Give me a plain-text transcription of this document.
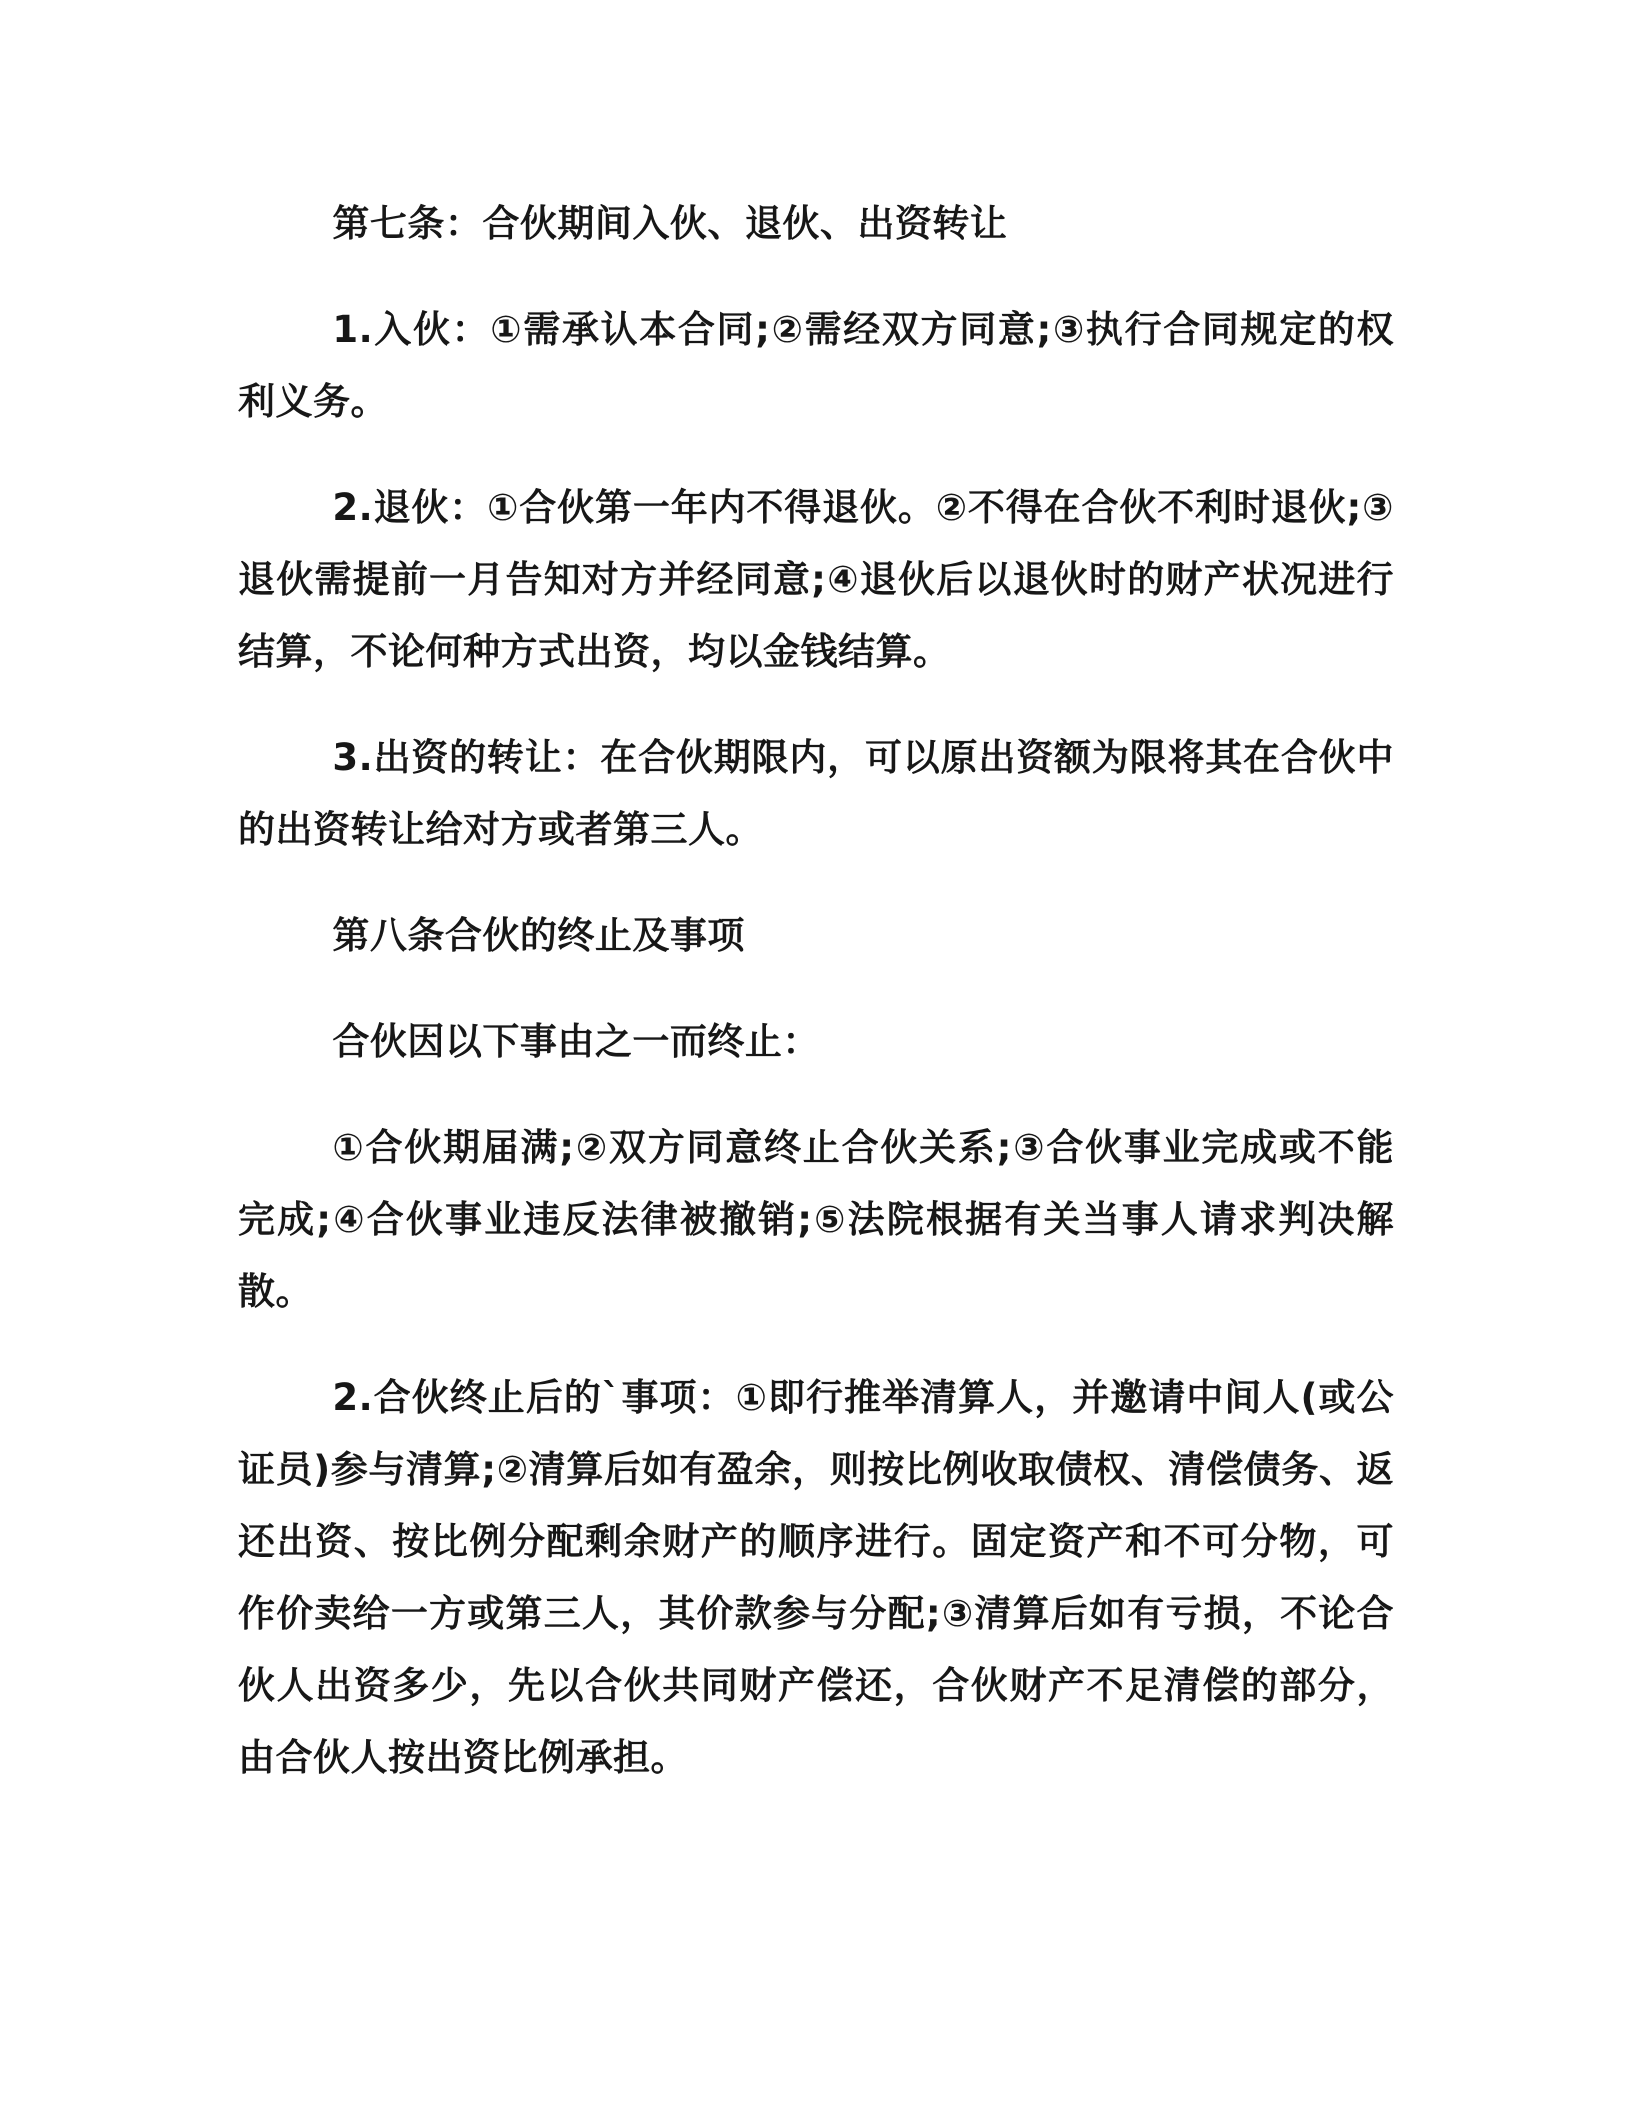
第七条：合伙期间入伙、退伙、出资转让

1.入伙：①需承认本合同;②需经双方同意;③执行合同规定的权利义务。

2.退伙：①合伙第一年内不得退伙。②不得在合伙不利时退伙;③退伙需提前一月告知对方并经同意;④退伙后以退伙时的财产状况进行结算，不论何种方式出资，均以金钱结算。

3.出资的转让：在合伙期限内，可以原出资额为限将其在合伙中的出资转让给对方或者第三人。

第八条合伙的终止及事项

合伙因以下事由之一而终止：

①合伙期届满;②双方同意终止合伙关系;③合伙事业完成或不能完成;④合伙事业违反法律被撤销;⑤法院根据有关当事人请求判决解散。

2.合伙终止后的`事项：①即行推举清算人，并邀请中间人(或公证员)参与清算;②清算后如有盈余，则按比例收取债权、清偿债务、返还出资、按比例分配剩余财产的顺序进行。固定资产和不可分物，可作价卖给一方或第三人，其价款参与分配;③清算后如有亏损，不论合伙人出资多少，先以合伙共同财产偿还，合伙财产不足清偿的部分，由合伙人按出资比例承担。
